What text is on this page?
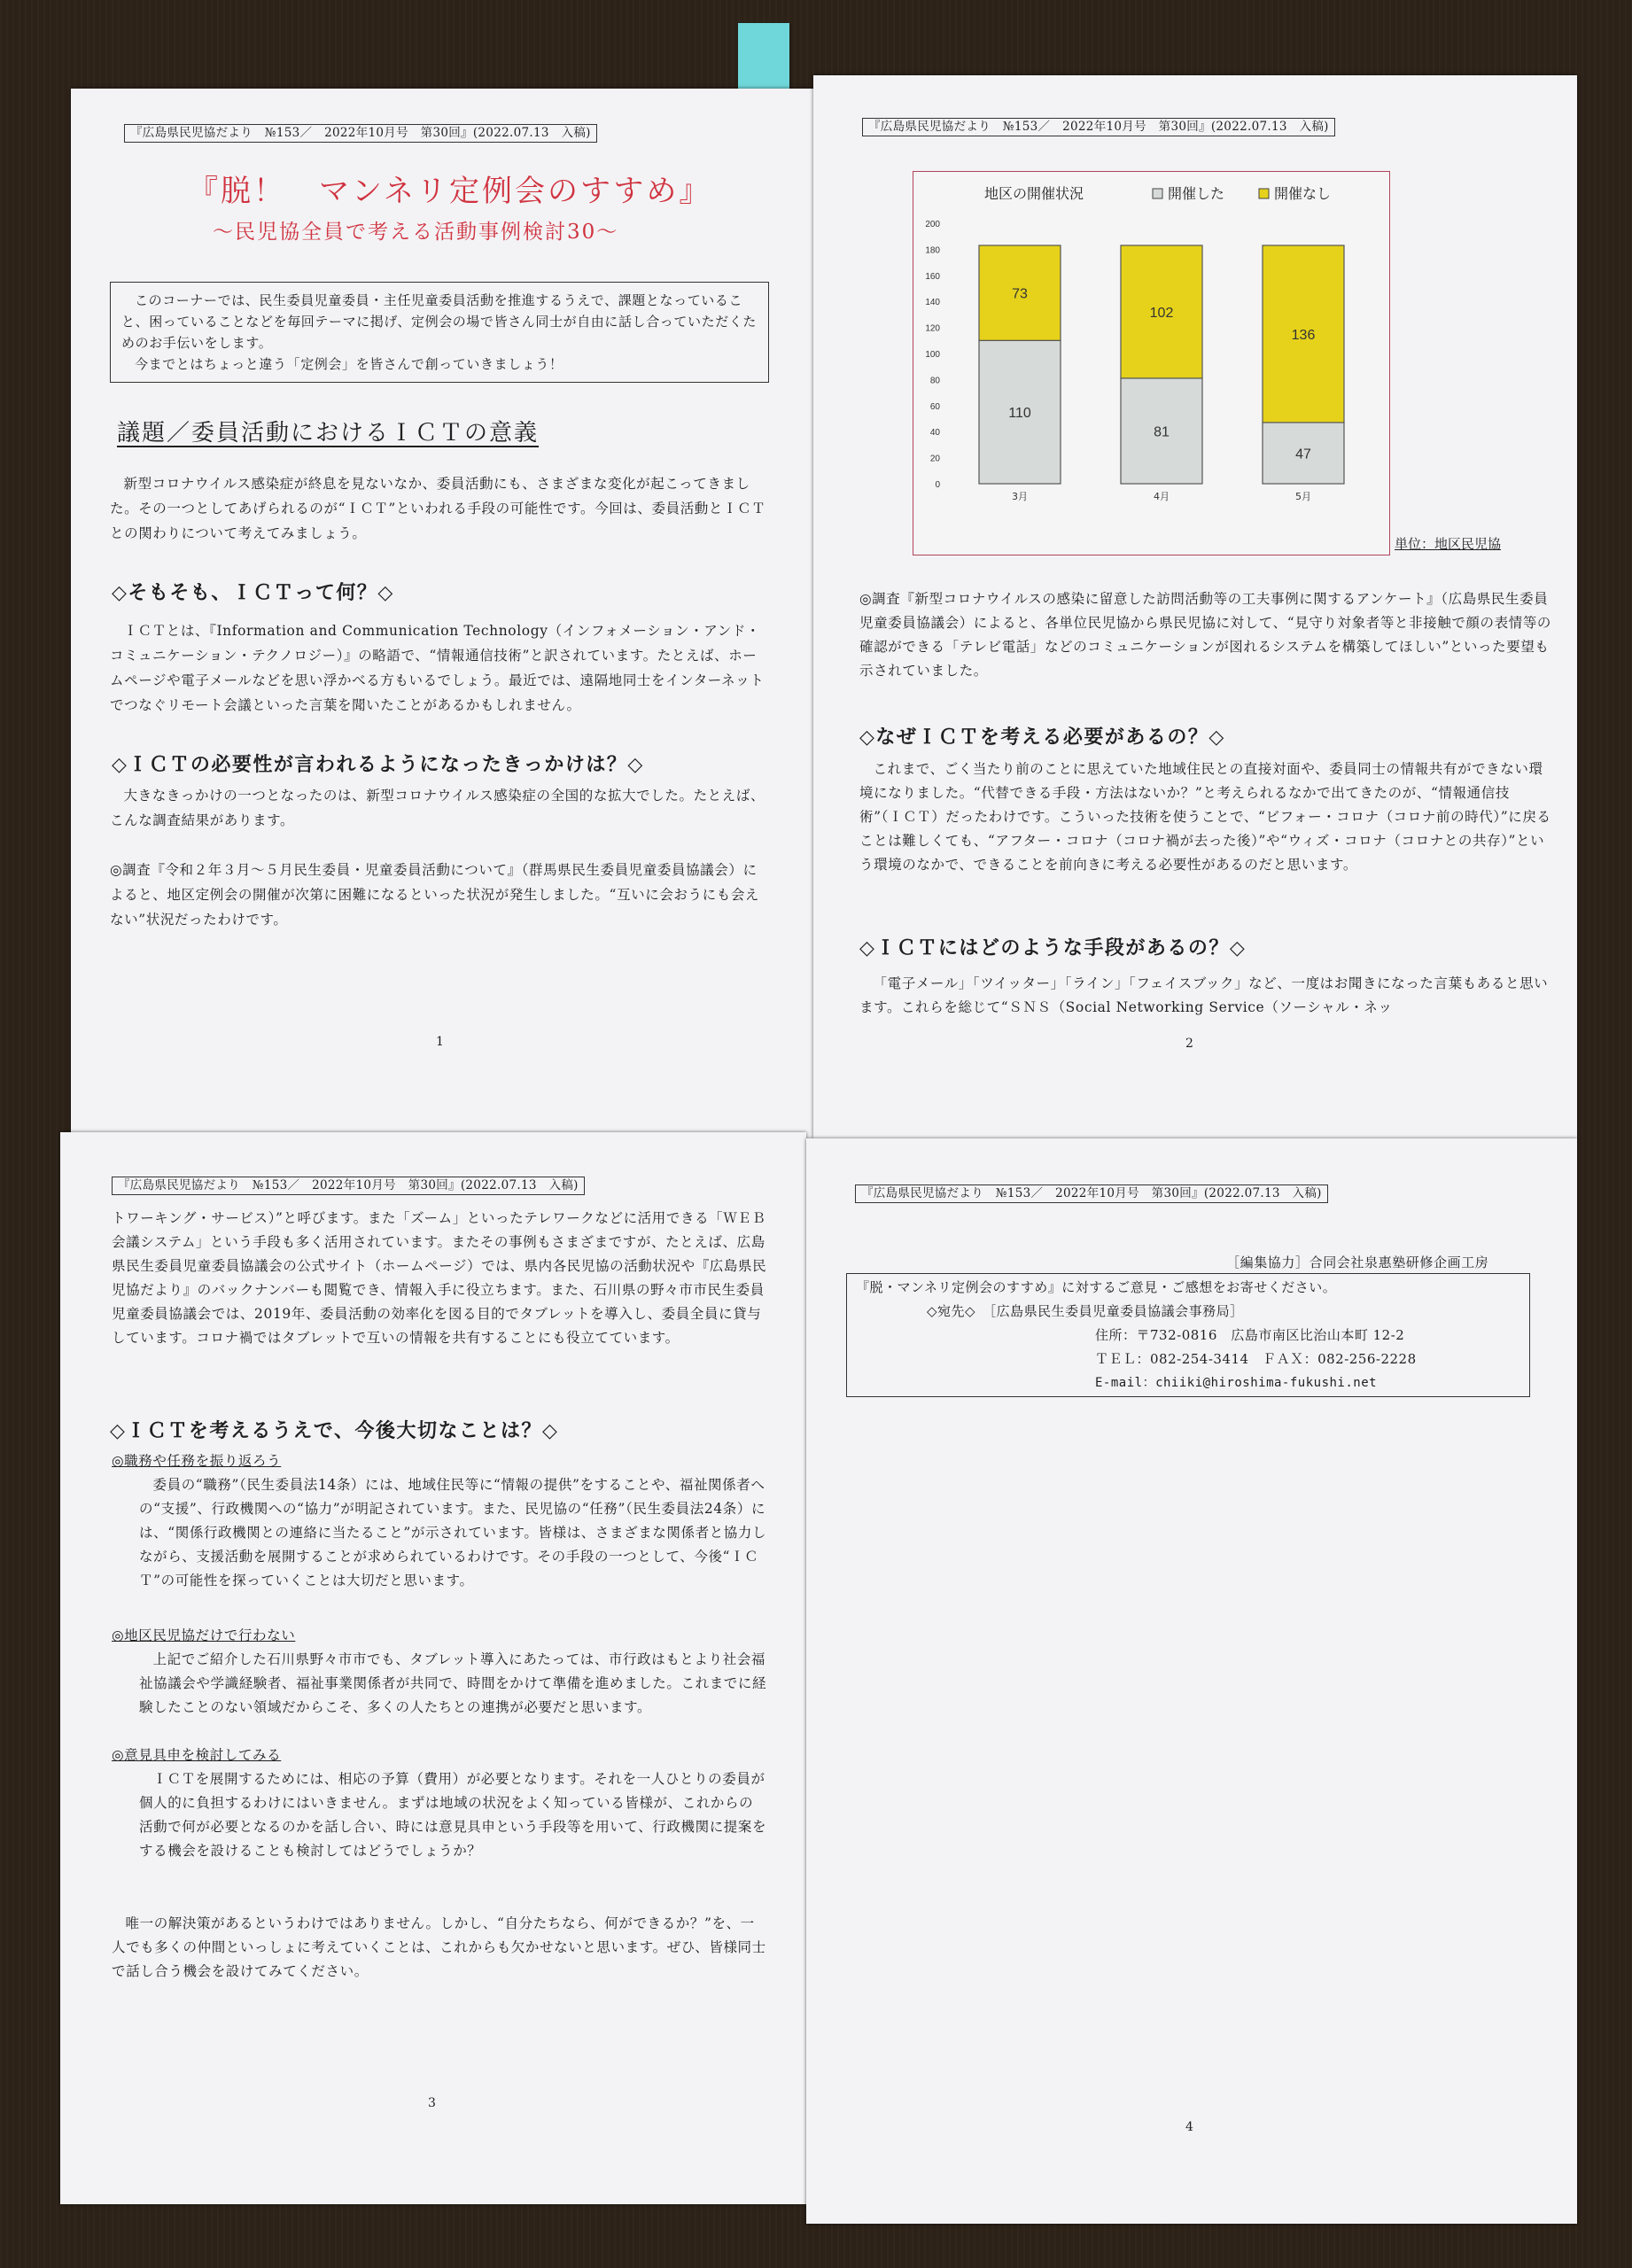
『広島県民児協だより　№153／　2022年10月号　第30回』(2022.07.13　入稿)
『脱！　マンネリ定例会のすすめ』
～民児協全員で考える活動事例検討30～

このコーナーでは、民生委員児童委員・主任児童委員活動を推進するうえで、課題となっていること、困っていることなどを毎回テーマに掲げ、定例会の場で皆さん同士が自由に話し合っていただくためのお手伝いをします。

今までとはちょっと違う「定例会」を皆さんで創っていきましょう！

議題／委員活動におけるＩＣＴの意義

新型コロナウイルス感染症が終息を見ないなか、委員活動にも、さまざまな変化が起こってきました。その一つとしてあげられるのが“ＩＣＴ”といわれる手段の可能性です。今回は、委員活動とＩＣＴとの関わりについて考えてみましょう。

◇そもそも、ＩＣＴって何？◇

ＩＣＴとは、『Information and Communication Technology（インフォメーション・アンド・コミュニケーション・テクノロジー）』の略語で、“情報通信技術”と訳されています。たとえば、ホームページや電子メールなどを思い浮かべる方もいるでしょう。最近では、遠隔地同士をインターネットでつなぐリモート会議といった言葉を聞いたことがあるかもしれません。

◇ＩＣＴの必要性が言われるようになったきっかけは？◇

大きなきっかけの一つとなったのは、新型コロナウイルス感染症の全国的な拡大でした。たとえば、こんな調査結果があります。

◎調査『令和２年３月～５月民生委員・児童委員活動について』（群馬県民生委員児童委員協議会）によると、地区定例会の開催が次第に困難になるといった状況が発生しました。“互いに会おうにも会えない”状況だったわけです。

1
『広島県民児協だより　№153／　2022年10月号　第30回』(2022.07.13　入稿)
地区の開催状況	開催した	開催なし
0
20
40
60
80
100
120
140
160
180
200
110
73
3月
81
102
4月
47
136
5月
単位：地区民児協

◎調査『新型コロナウイルスの感染に留意した訪問活動等の工夫事例に関するアンケート』（広島県民生委員児童委員協議会）によると、各単位民児協から県民児協に対して、“見守り対象者等と非接触で顔の表情等の確認ができる「テレビ電話」などのコミュニケーションが図れるシステムを構築してほしい”といった要望も示されていました。

◇なぜＩＣＴを考える必要があるの？◇

これまで、ごく当たり前のことに思えていた地域住民との直接対面や、委員同士の情報共有ができない環境になりました。“代替できる手段・方法はないか？”と考えられるなかで出てきたのが、“情報通信技術”（ＩＣＴ）だったわけです。こういった技術を使うことで、“ビフォー・コロナ（コロナ前の時代）”に戻ることは難しくても、“アフター・コロナ（コロナ禍が去った後）”や“ウィズ・コロナ（コロナとの共存）”という環境のなかで、できることを前向きに考える必要性があるのだと思います。

◇ＩＣＴにはどのような手段があるの？◇

「電子メール」「ツイッター」「ライン」「フェイスブック」など、一度はお聞きになった言葉もあると思います。これらを総じて“ＳＮＳ（Social Networking Service（ソーシャル・ネッ

2
『広島県民児協だより　№153／　2022年10月号　第30回』(2022.07.13　入稿)

トワーキング・サービス）”と呼びます。また「ズーム」といったテレワークなどに活用できる「ＷＥＢ会議システム」という手段も多く活用されています。またその事例もさまざまですが、たとえば、広島県民生委員児童委員協議会の公式サイト（ホームページ）では、県内各民児協の活動状況や『広島県民児協だより』のバックナンバーも閲覧でき、情報入手に役立ちます。また、石川県の野々市市民生委員児童委員協議会では、2019年、委員活動の効率化を図る目的でタブレットを導入し、委員全員に貸与しています。コロナ禍ではタブレットで互いの情報を共有することにも役立てています。

◇ＩＣＴを考えるうえで、今後大切なことは？◇

◎職務や任務を振り返ろう

委員の“職務”（民生委員法14条）には、地域住民等に“情報の提供”をすることや、福祉関係者への“支援”、行政機関への“協力”が明記されています。また、民児協の“任務”（民生委員法24条）には、“関係行政機関との連絡に当たること”が示されています。皆様は、さまざまな関係者と協力しながら、支援活動を展開することが求められているわけです。その手段の一つとして、今後“ＩＣＴ”の可能性を探っていくことは大切だと思います。

◎地区民児協だけで行わない

上記でご紹介した石川県野々市市でも、タブレット導入にあたっては、市行政はもとより社会福祉協議会や学識経験者、福祉事業関係者が共同で、時間をかけて準備を進めました。これまでに経験したことのない領域だからこそ、多くの人たちとの連携が必要だと思います。

◎意見具申を検討してみる

ＩＣＴを展開するためには、相応の予算（費用）が必要となります。それを一人ひとりの委員が個人的に負担するわけにはいきません。まずは地域の状況をよく知っている皆様が、これからの活動で何が必要となるのかを話し合い、時には意見具申という手段等を用いて、行政機関に提案をする機会を設けることも検討してはどうでしょうか？

唯一の解決策があるというわけではありません。しかし、“自分たちなら、何ができるか？”を、一人でも多くの仲間といっしょに考えていくことは、これからも欠かせないと思います。ぜひ、皆様同士で話し合う機会を設けてみてください。

3
『広島県民児協だより　№153／　2022年10月号　第30回』(2022.07.13　入稿)
［編集協力］合同会社泉惠塾研修企画工房
『脱・マンネリ定例会のすすめ』に対するご意見・ご感想をお寄せください。
◇宛先◇　［広島県民生委員児童委員協議会事務局］
住所：〒732-0816　広島市南区比治山本町 12-2
ＴＥＬ：082-254-3414　ＦＡＸ：082-256-2228
E-mail：chiiki@hiroshima-fukushi.net
4
